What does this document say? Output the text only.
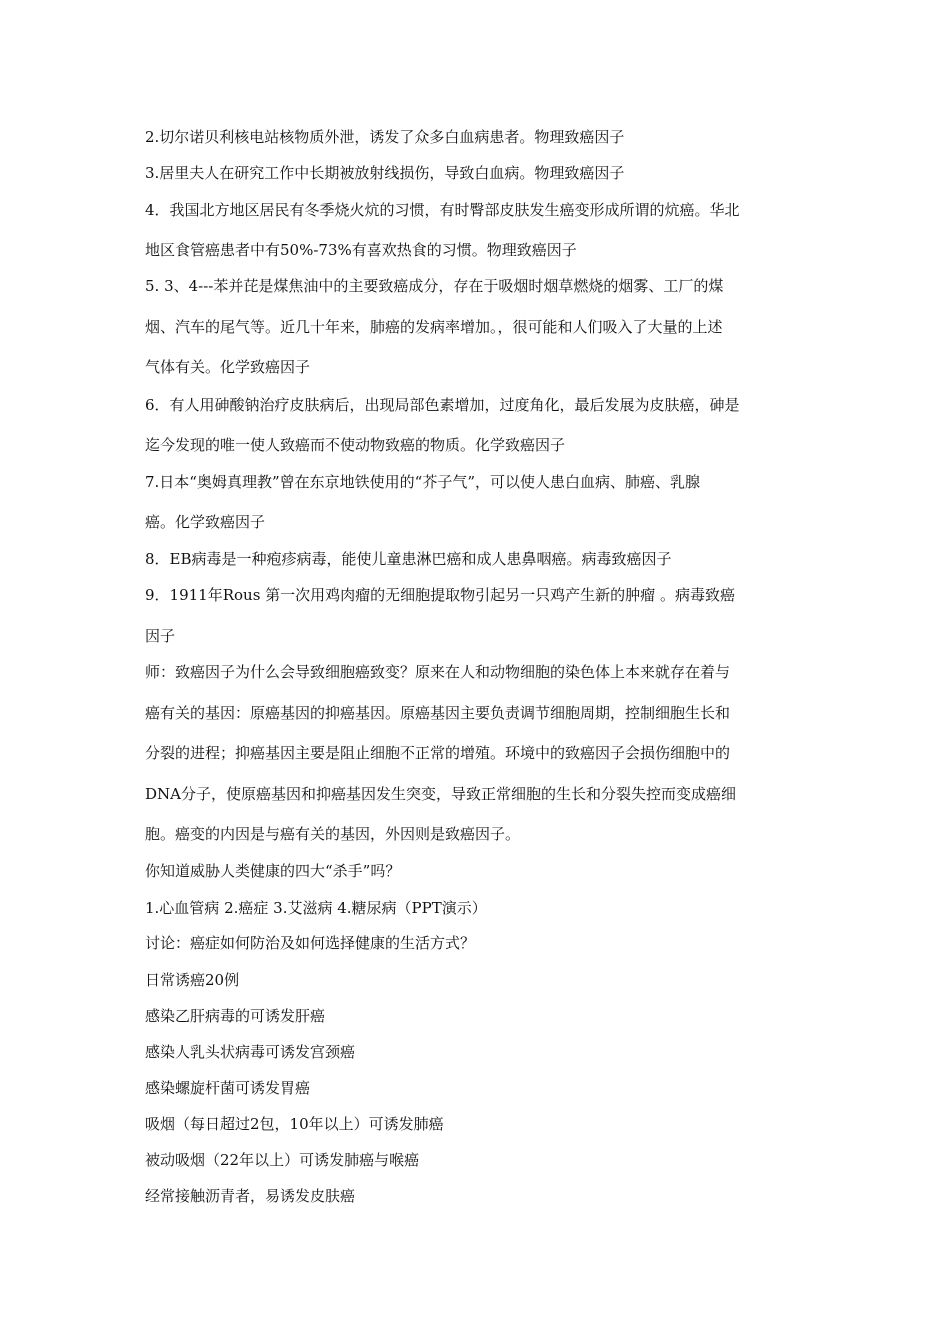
2.切尔诺贝利核电站核物质外泄，诱发了众多白血病患者。物理致癌因子
3.居里夫人在研究工作中长期被放射线损伤，导致白血病。物理致癌因子
4．我国北方地区居民有冬季烧火炕的习惯，有时臀部皮肤发生癌变形成所谓的炕癌。华北
地区食管癌患者中有50%-73%有喜欢热食的习惯。物理致癌因子
5. 3、4---苯并芘是煤焦油中的主要致癌成分，存在于吸烟时烟草燃烧的烟雾、工厂的煤
烟、汽车的尾气等。近几十年来，肺癌的发病率增加。，很可能和人们吸入了大量的上述
气体有关。化学致癌因子
6．有人用砷酸钠治疗皮肤病后，出现局部色素增加，过度角化，最后发展为皮肤癌，砷是
迄今发现的唯一使人致癌而不使动物致癌的物质。化学致癌因子
7.日本“奥姆真理教”曾在东京地铁使用的“芥子气”，可以使人患白血病、肺癌、乳腺
癌。化学致癌因子
8．EB病毒是一种疱疹病毒，能使儿童患淋巴癌和成人患鼻咽癌。病毒致癌因子
9．1911年Rous 第一次用鸡肉瘤的无细胞提取物引起另一只鸡产生新的肿瘤 。病毒致癌
因子
师：致癌因子为什么会导致细胞癌致变？原来在人和动物细胞的染色体上本来就存在着与
癌有关的基因：原癌基因的抑癌基因。原癌基因主要负责调节细胞周期，控制细胞生长和
分裂的进程；抑癌基因主要是阻止细胞不正常的增殖。环境中的致癌因子会损伤细胞中的
DNA分子，使原癌基因和抑癌基因发生突变，导致正常细胞的生长和分裂失控而变成癌细
胞。癌变的内因是与癌有关的基因，外因则是致癌因子。
你知道威胁人类健康的四大“杀手”吗？
1.心血管病 2.癌症 3.艾滋病 4.糖尿病（PPT演示）
讨论：癌症如何防治及如何选择健康的生活方式？
日常诱癌20例
感染乙肝病毒的可诱发肝癌
感染人乳头状病毒可诱发宫颈癌
感染螺旋杆菌可诱发胃癌
吸烟（每日超过2包，10年以上）可诱发肺癌
被动吸烟（22年以上）可诱发肺癌与喉癌
经常接触沥青者，易诱发皮肤癌
